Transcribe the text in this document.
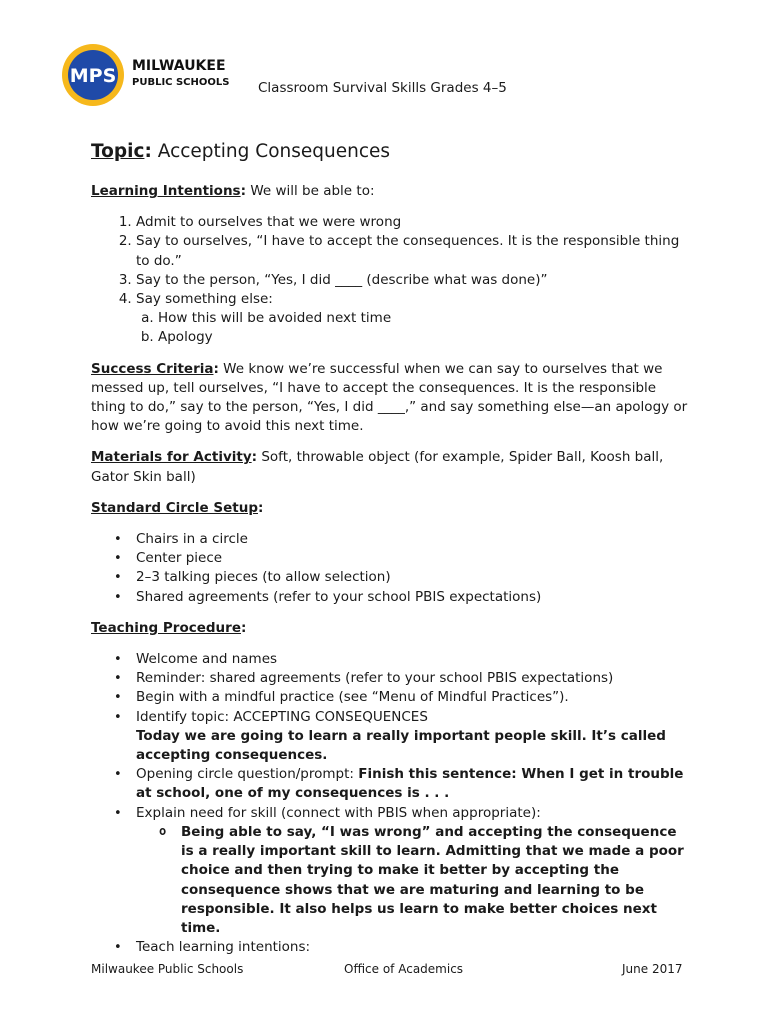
MPS MILWAUKEE
PUBLIC SCHOOLS Classroom Survival Skills Grades 4–5
Topic: Accepting Consequences

Learning Intentions: We will be able to:

1. Admit to ourselves that we were wrong
2. Say to ourselves, “I have to accept the consequences. It is the responsible thing to do.”
3. Say to the person, “Yes, I did ____ (describe what was done)”
4. Say something else:
a. How this will be avoided next time
b. Apology

Success Criteria: We know we’re successful when we can say to ourselves that we messed up, tell ourselves, “I have to accept the consequences. It is the responsible thing to do,” say to the person, “Yes, I did ____,” and say something else—an apology or how we’re going to avoid this next time.

Materials for Activity: Soft, throwable object (for example, Spider Ball, Koosh ball, Gator Skin ball)

Standard Circle Setup:

• Chairs in a circle
• Center piece
• 2–3 talking pieces (to allow selection)
• Shared agreements (refer to your school PBIS expectations)

Teaching Procedure:

• Welcome and names
• Reminder: shared agreements (refer to your school PBIS expectations)
• Begin with a mindful practice (see “Menu of Mindful Practices”).
• Identify topic: ACCEPTING CONSEQUENCES
Today we are going to learn a really important people skill. It’s called accepting consequences.
• Opening circle question/prompt: Finish this sentence: When I get in trouble at school, one of my consequences is . . .
• Explain need for skill (connect with PBIS when appropriate):
o Being able to say, “I was wrong” and accepting the consequence is a really important skill to learn. Admitting that we made a poor choice and then trying to make it better by accepting the consequence shows that we are maturing and learning to be responsible. It also helps us learn to make better choices next time.
• Teach learning intentions:
Milwaukee Public Schools	Office of Academics	June 2017
